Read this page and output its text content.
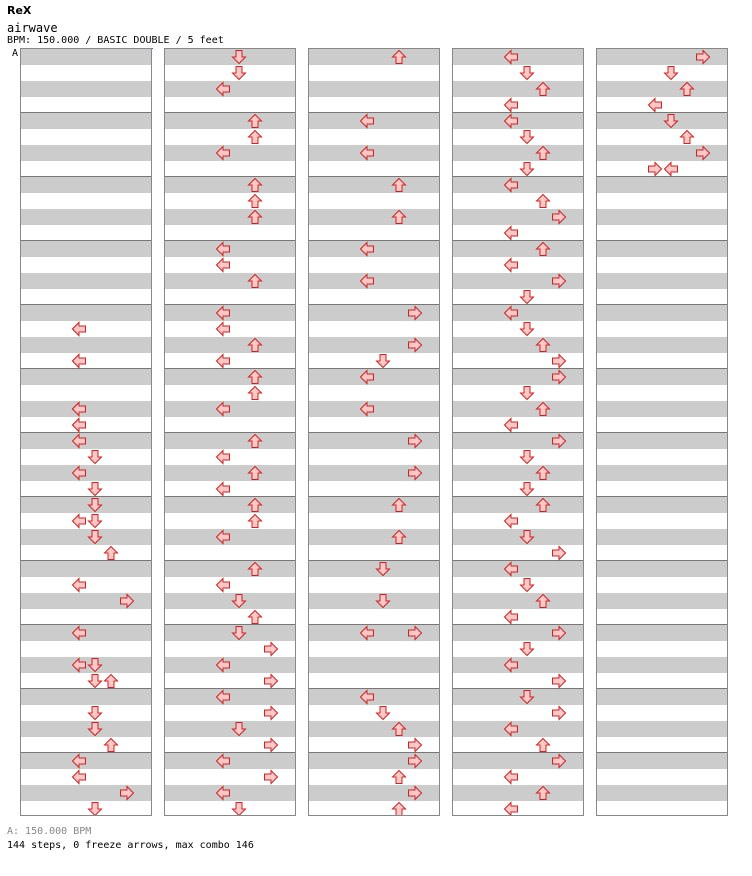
ReX
airwave
BPM: 150.000 / BASIC DOUBLE / 5 feet
A
A: 150.000 BPM
144 steps, 0 freeze arrows, max combo 146
